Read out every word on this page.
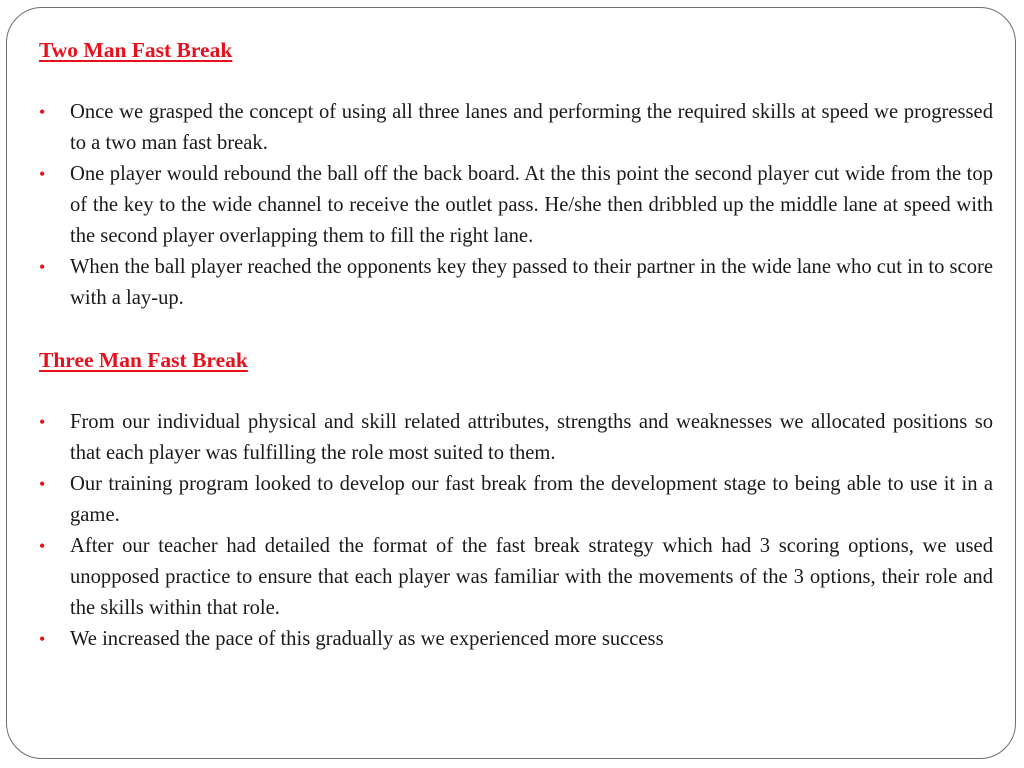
Two Man Fast Break
• Once we grasped the concept of using all three lanes and performing the required skills at speed we progressed to a two man fast break.
• One player would rebound the ball off the back board. At the this point the second player cut wide from the top of the key to the wide channel to receive the outlet pass. He/she then dribbled up the middle lane at speed with the second player overlapping them to fill the right lane.
• When the ball player reached the opponents key they passed to their partner in the wide lane who cut in to score with a lay-up.
Three Man Fast Break
• From our individual physical and skill related attributes, strengths and weaknesses we allocated positions so that each player was fulfilling the role most suited to them.
• Our training program looked to develop our fast break from the development stage to being able to use it in a game.
• After our teacher had detailed the format of the fast break strategy which had 3 scoring options, we used unopposed practice to ensure that each player was familiar with the movements of the 3 options, their role and the skills within that role.
• We increased the pace of this gradually as we experienced more success
